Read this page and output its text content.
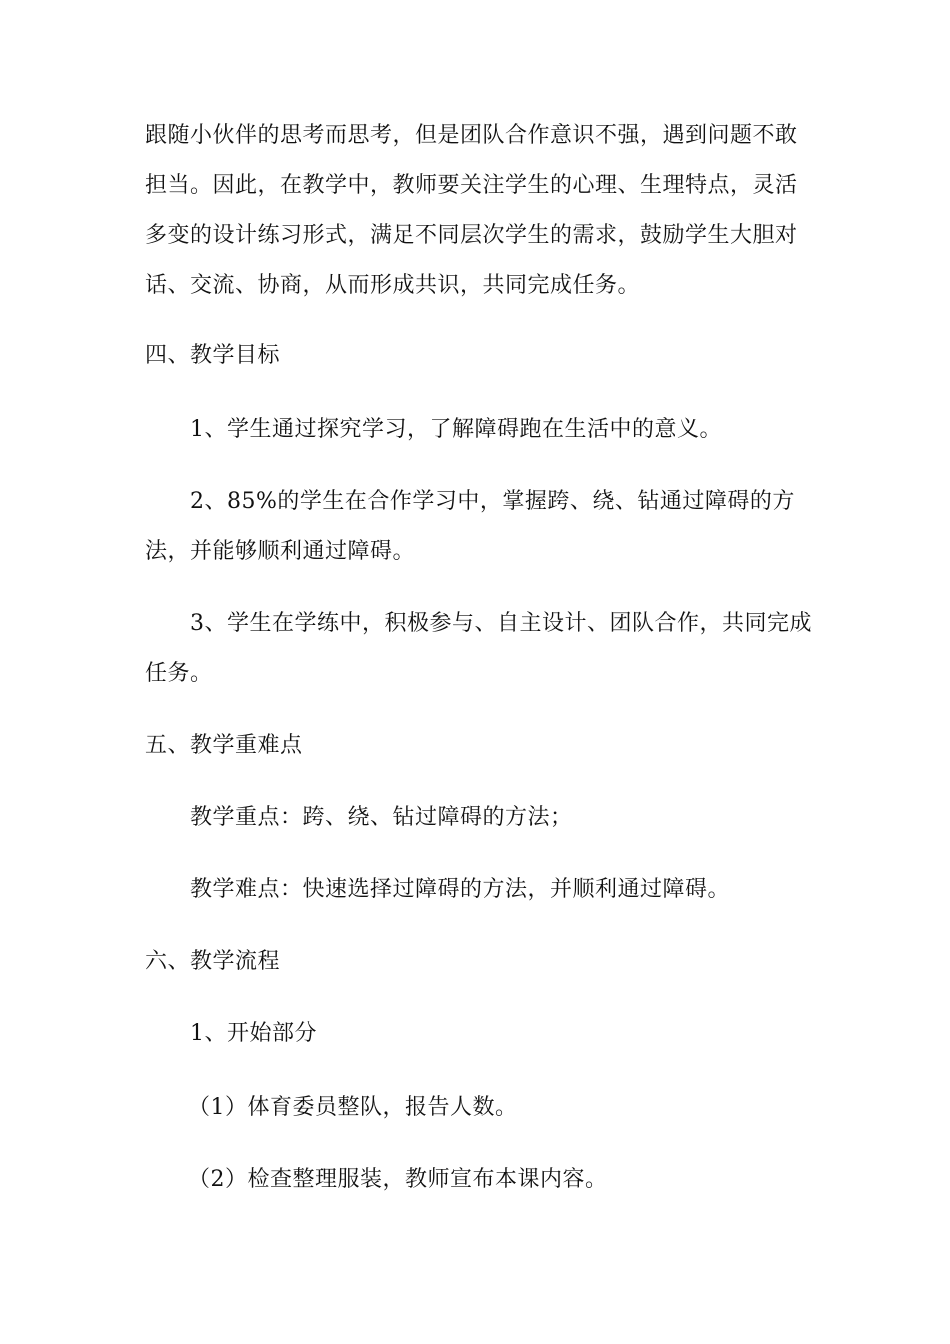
跟随小伙伴的思考而思考，但是团队合作意识不强，遇到问题不敢
担当。因此，在教学中，教师要关注学生的心理、生理特点，灵活
多变的设计练习形式，满足不同层次学生的需求，鼓励学生大胆对
话、交流、协商，从而形成共识，共同完成任务。
四、教学目标
1、学生通过探究学习，了解障碍跑在生活中的意义。
2、85%的学生在合作学习中，掌握跨、绕、钻通过障碍的方
法，并能够顺利通过障碍。
3、学生在学练中，积极参与、自主设计、团队合作，共同完成
任务。
五、教学重难点
教学重点：跨、绕、钻过障碍的方法；
教学难点：快速选择过障碍的方法，并顺利通过障碍。
六、教学流程
1、开始部分
（1）体育委员整队，报告人数。
（2）检查整理服装，教师宣布本课内容。
